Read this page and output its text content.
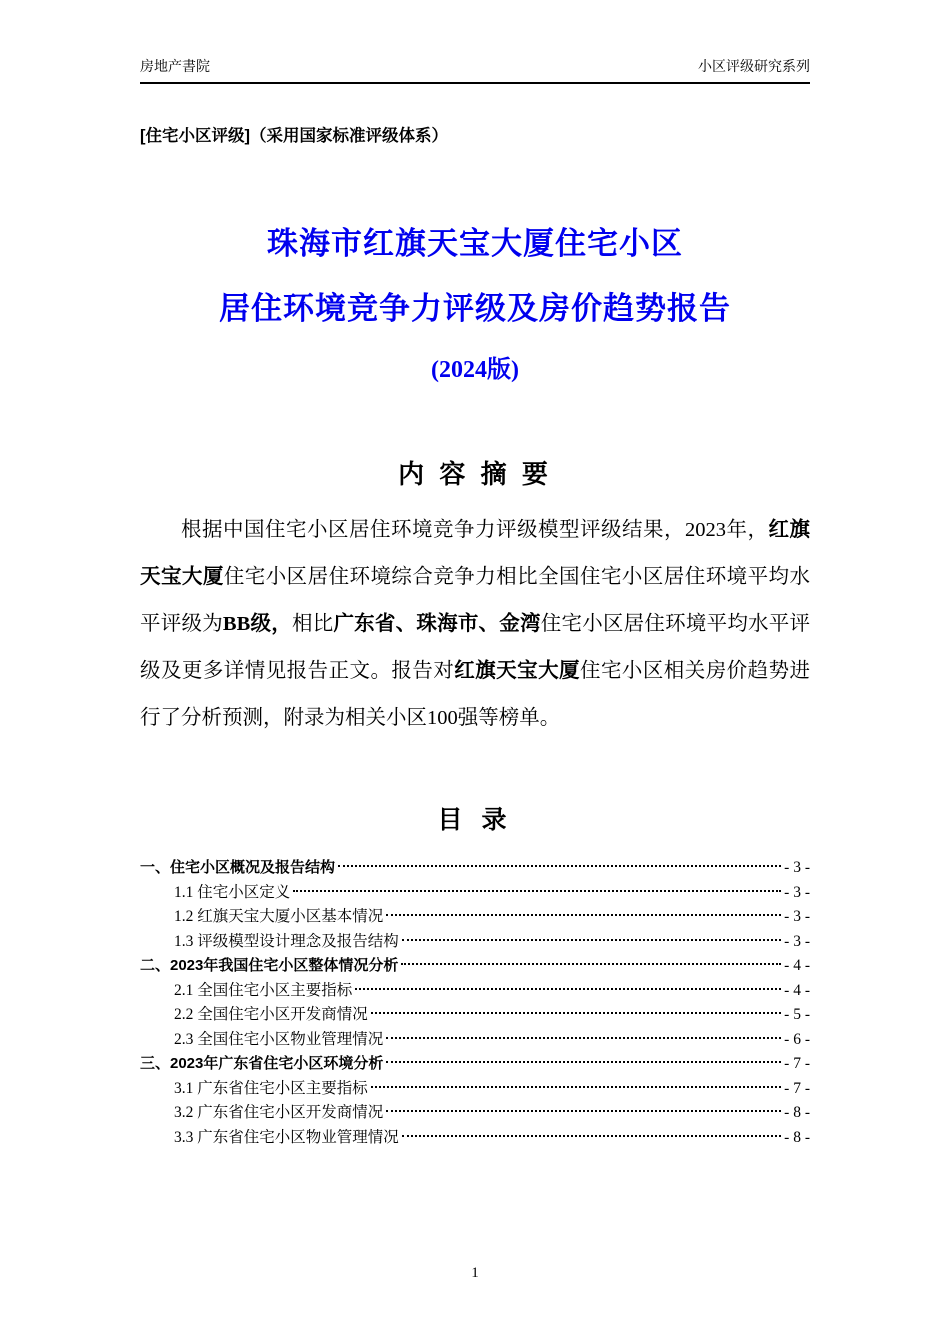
房地产書院	小区评级研究系列
[住宅小区评级]（采用国家标准评级体系）

珠海市红旗天宝大厦住宅小区

居住环境竞争力评级及房价趋势报告

(2024版)

内 容 摘 要

根据中国住宅小区居住环境竞争力评级模型评级结果，2023年，红旗天宝大厦住宅小区居住环境综合竞争力相比全国住宅小区居住环境平均水平评级为BB级，相比广东省、珠海市、金湾住宅小区居住环境平均水平评级及更多详情见报告正文。报告对红旗天宝大厦住宅小区相关房价趋势进行了分析预测，附录为相关小区100强等榜单。

目 录
一、住宅小区概况及报告结构	- 3 -
1.1 住宅小区定义	- 3 -
1.2 红旗天宝大厦小区基本情况	- 3 -
1.3 评级模型设计理念及报告结构	- 3 -
二、2023年我国住宅小区整体情况分析	- 4 -
2.1 全国住宅小区主要指标	- 4 -
2.2 全国住宅小区开发商情况	- 5 -
2.3 全国住宅小区物业管理情况	- 6 -
三、2023年广东省住宅小区环境分析	- 7 -
3.1 广东省住宅小区主要指标	- 7 -
3.2 广东省住宅小区开发商情况	- 8 -
3.3 广东省住宅小区物业管理情况	- 8 -
1
